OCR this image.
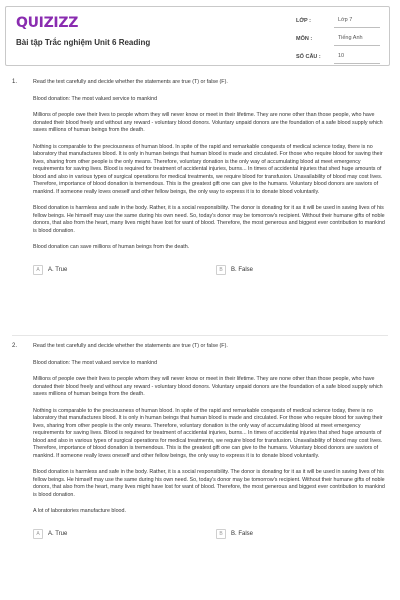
QUIZIZZ
Bài tập Trắc nghiệm Unit 6 Reading
LỚP :	Lớp 7
MÔN :	Tiếng Anh
SỐ CÂU :	10
1.	Read the text carefully and decide whether the statements are true (T) or false (F).

Blood donation: The most valued service to mankind

Millions of people owe their lives to people whom they will never know or meet in their lifetime. They are none other than those people, who have donated their blood freely and without any reward - voluntary blood donors. Voluntary unpaid donors are the foundation of a safe blood supply which saves millions of human beings from the death.

Nothing is comparable to the preciousness of human blood. In spite of the rapid and remarkable conquests of medical science today, there is no laboratory that manufactures blood. It is only in human beings that human blood is made and circulated. For those who require blood for saving their lives, sharing from other people is the only means. Therefore, voluntary donation is the only way of accumulating blood at meet emergency requirements for saving lives. Blood is required for treatment of accidental injuries, burns... In times of accidental injuries that shed huge amounts of blood and also in various types of surgical operations for medical treatments, we require blood for transfusion. Unavailability of blood may cost lives. Therefore, importance of blood donation is tremendous. This is the greatest gift one can give to the humans. Voluntary blood donors are saviors of mankind. If someone really loves oneself and other fellow beings, the only way to express it is to donate blood voluntarily.

Blood donation is harmless and safe in the body. Rather, it is a social responsibility. The donor is donating for it as it will be used in saving lives of his fellow beings. He himself may use the same during his own need. So, today's donor may be tomorrow's recipient. Without their humane gifts of noble donors, that also from the heart, many lives might have lost for want of blood. Therefore, the most generous and biggest ever contribution to mankind is blood donation.

Blood donation can save millions of human beings from the death.

A	A. True	B	B. False
2.	Read the text carefully and decide whether the statements are true (T) or false (F).

Blood donation: The most valued service to mankind

Millions of people owe their lives to people whom they will never know or meet in their lifetime. They are none other than those people, who have donated their blood freely and without any reward - voluntary blood donors. Voluntary unpaid donors are the foundation of a safe blood supply which saves millions of human beings from the death.

Nothing is comparable to the preciousness of human blood. In spite of the rapid and remarkable conquests of medical science today, there is no laboratory that manufactures blood. It is only in human beings that human blood is made and circulated. For those who require blood for saving their lives, sharing from other people is the only means. Therefore, voluntary donation is the only way of accumulating blood at meet emergency requirements for saving lives. Blood is required for treatment of accidental injuries, burns... In times of accidental injuries that shed huge amounts of blood and also in various types of surgical operations for medical treatments, we require blood for transfusion. Unavailability of blood may cost lives. Therefore, importance of blood donation is tremendous. This is the greatest gift one can give to the humans. Voluntary blood donors are saviors of mankind. If someone really loves oneself and other fellow beings, the only way to express it is to donate blood voluntarily.

Blood donation is harmless and safe in the body. Rather, it is a social responsibility. The donor is donating for it as it will be used in saving lives of his fellow beings. He himself may use the same during his own need. So, today's donor may be tomorrow's recipient. Without their humane gifts of noble donors, that also from the heart, many lives might have lost for want of blood. Therefore, the most generous and biggest ever contribution to mankind is blood donation.

A lot of laboratories manufacture blood.

A	A. True	B	B. False
